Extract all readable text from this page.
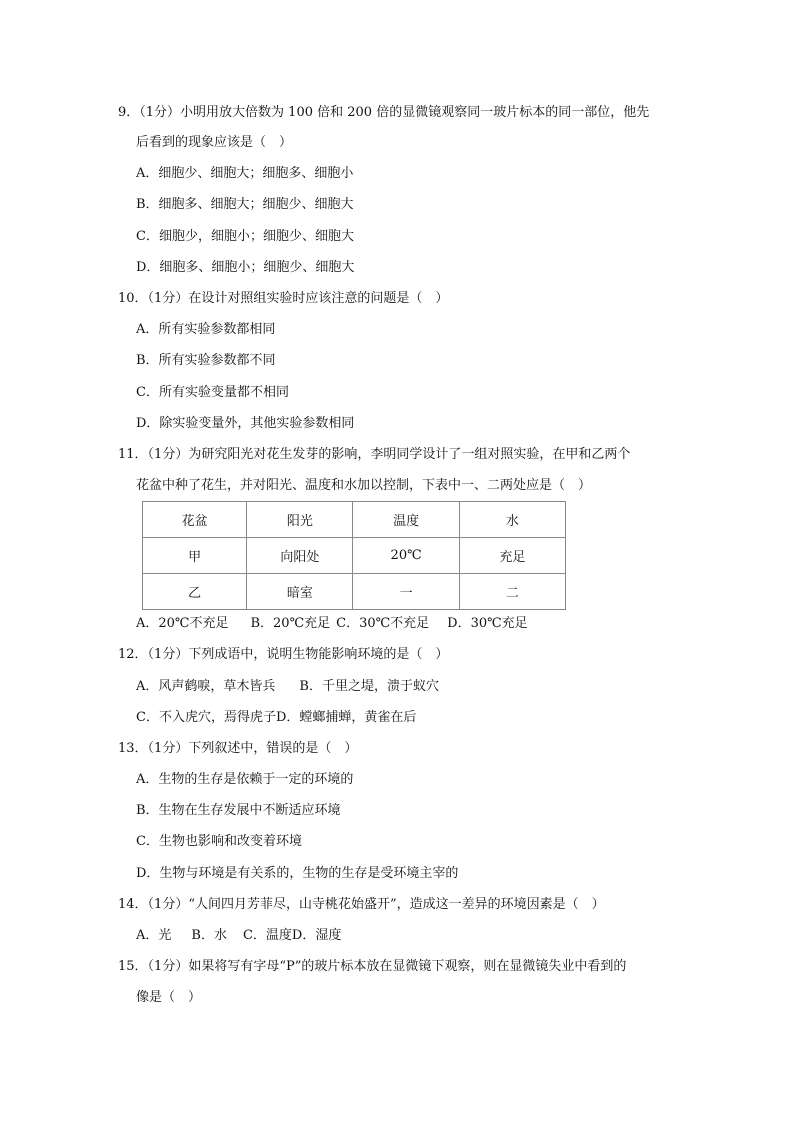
9．（1分）小明用放大倍数为 100 倍和 200 倍的显微镜观察同一玻片标本的同一部位，他先
后看到的现象应该是（　）
A．细胞少、细胞大；细胞多、细胞小
B．细胞多、细胞大；细胞少、细胞大
C．细胞少，细胞小；细胞少、细胞大
D．细胞多、细胞小；细胞少、细胞大
10．（1分）在设计对照组实验时应该注意的问题是（　）
A．所有实验参数都相同
B．所有实验参数都不同
C．所有实验变量都不相同
D．除实验变量外，其他实验参数相同
11．（1分）为研究阳光对花生发芽的影响，李明同学设计了一组对照实验，在甲和乙两个
花盆中种了花生，并对阳光、温度和水加以控制，下表中一、二两处应是（　）
花盆	阳光	温度	水
甲	向阳处	20℃	充足
乙	暗室	一	二
A．20℃不充足 B．20℃充足 C．30℃不充足 D．30℃充足
12．（1分）下列成语中，说明生物能影响环境的是（　）
A．风声鹤唳，草木皆兵 B．千里之堤，溃于蚁穴
C．不入虎穴，焉得虎子D．螳螂捕蝉，黄雀在后
13．（1分）下列叙述中，错误的是（　）
A．生物的生存是依赖于一定的环境的
B．生物在生存发展中不断适应环境
C．生物也影响和改变着环境
D．生物与环境是有关系的，生物的生存是受环境主宰的
14．（1分）“人间四月芳菲尽，山寺桃花始盛开”，造成这一差异的环境因素是（　）
A．光 B．水 C．温度D．湿度
15．（1分）如果将写有字母“P”的玻片标本放在显微镜下观察，则在显微镜失业中看到的
像是（　）
